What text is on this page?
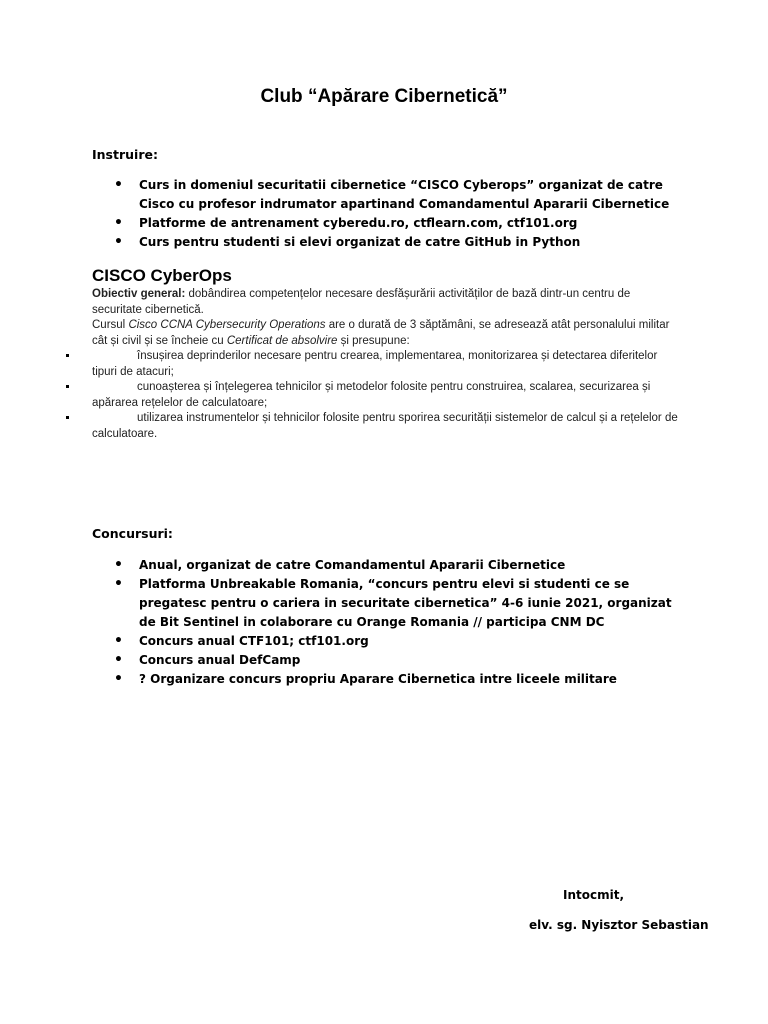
Club “Apărare Cibernetică”
Instruire:
• Curs in domeniul securitatii cibernetice “CISCO Cyberops” organizat de catre Cisco cu profesor indrumator apartinand Comandamentul Apararii Cibernetice
• Platforme de antrenament cyberedu.ro, ctflearn.com, ctf101.org
• Curs pentru studenti si elevi organizat de catre GitHub in Python
CISCO CyberOps

Obiectiv general: dobândirea competențelor necesare desfășurării activităților de bază dintr-un centru de securitate cibernetică.

Cursul Cisco CCNA Cybersecurity Operations are o durată de 3 săptămâni, se adresează atât personalului militar cât și civil și se încheie cu Certificat de absolvire și presupune:

însușirea deprinderilor necesare pentru crearea, implementarea, monitorizarea și detectarea diferitelor tipuri de atacuri;
cunoașterea și înțelegerea tehnicilor și metodelor folosite pentru construirea, scalarea, securizarea și apărarea rețelelor de calculatoare;
utilizarea instrumentelor și tehnicilor folosite pentru sporirea securității sistemelor de calcul și a rețelelor de calculatoare.
Concursuri:
• Anual, organizat de catre Comandamentul Apararii Cibernetice
• Platforma Unbreakable Romania, “concurs pentru elevi si studenti ce se pregatesc pentru o cariera in securitate cibernetica” 4-6 iunie 2021, organizat de Bit Sentinel in colaborare cu Orange Romania // participa CNM DC
• Concurs anual CTF101; ctf101.org
• Concurs anual DefCamp
• ? Organizare concurs propriu Aparare Cibernetica intre liceele militare
Intocmit,
elv. sg. Nyisztor Sebastian
